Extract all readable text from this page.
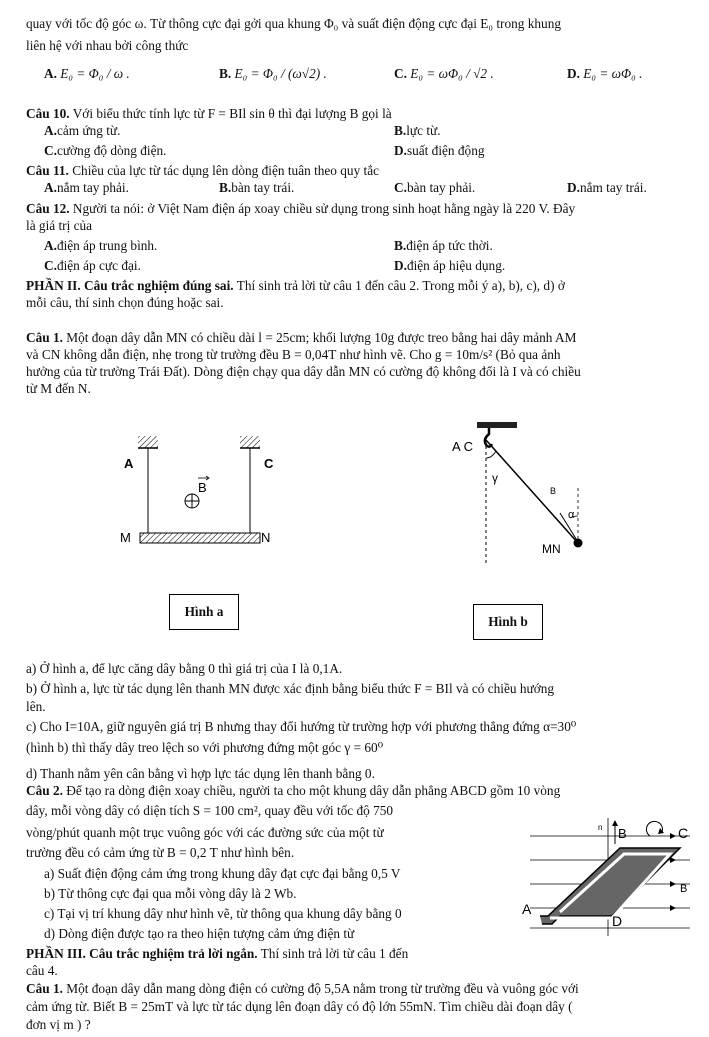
quay với tốc độ góc ω. Từ thông cực đại gởi qua khung Φ₀ và suất điện động cực đại E₀ trong khung
liên hệ với nhau bởi công thức
A. E₀ = Φ₀ / ω .	B. E₀ = Φ₀ / (ω√2) .	C. E₀ = ωΦ₀ / √2 .	D. E₀ = ωΦ₀ .
Câu 10. Với biểu thức tính lực từ F = BIl sin θ thì đại lượng B gọi là
A. cảm ứng từ.	B. lực từ.
C. cường độ dòng điện.	D. suất điện động
Câu 11. Chiều của lực từ tác dụng lên dòng điện tuân theo quy tắc
A. nắm tay phải.	B. bàn tay trái.	C. bàn tay phải.	D. nắm tay trái.
Câu 12. Người ta nói: ở Việt Nam điện áp xoay chiều sử dụng trong sinh hoạt hằng ngày là 220 V. Đây
là giá trị của
A. điện áp trung bình.	B. điện áp tức thời.
C. điện áp cực đại.	D. điện áp hiệu dụng.
PHẦN II. Câu trắc nghiệm đúng sai. Thí sinh trả lời từ câu 1 đến câu 2. Trong mỗi ý a), b), c), d) ở
mỗi câu, thí sinh chọn đúng hoặc sai.
Câu 1. Một đoạn dây dẫn MN có chiều dài l = 25cm; khối lượng 10g được treo bằng hai dây mảnh AM
và CN không dẫn điện, nhẹ trong từ trường đều B = 0,04T như hình vẽ. Cho g = 10m/s² (Bỏ qua ảnh
hưởng của từ trường Trái Đất). Dòng điện chạy qua dây dẫn MN có cường độ không đổi là I và có chiều
từ M đến N.
A	C
M	N
B
A C
γ
B
α
MN
Hình a
Hình b
a) Ở hình a, để lực căng dây bằng 0 thì giá trị của I là 0,1A.
b) Ở hình a, lực từ tác dụng lên thanh MN được xác định bằng biểu thức F = BIl và có chiều hướng
lên.
c) Cho I=10A, giữ nguyên giá trị B nhưng thay đổi hướng từ trường hợp với phương thẳng đứng α=30⁰
(hình b) thì thấy dây treo lệch so với phương đứng một góc γ = 60⁰
d) Thanh nằm yên cân bằng vì hợp lực tác dụng lên thanh bằng 0.
Câu 2. Để tạo ra dòng điện xoay chiều, người ta cho một khung dây dẫn phẳng ABCD gồm 10 vòng
dây, mỗi vòng dây có diện tích S = 100 cm², quay đều với tốc độ 750
vòng/phút quanh một trục vuông góc với các đường sức của một từ
trường đều có cảm ứng từ B = 0,2 T như hình bên.
a) Suất điện động cảm ứng trong khung dây đạt cực đại bằng 0,5 V
b) Từ thông cực đại qua mỗi vòng dây là 2 Wb.
c) Tại vị trí khung dây như hình vẽ, từ thông qua khung dây bằng 0
d) Dòng điện được tạo ra theo hiện tượng cảm ứng điện từ
n B	C
B
A
D
PHẦN III. Câu trắc nghiệm trả lời ngắn. Thí sinh trả lời từ câu 1 đến
câu 4.
Câu 1. Một đoạn dây dẫn mang dòng điện có cường độ 5,5A nằm trong từ trường đều và vuông góc với
cảm ứng từ. Biết B = 25mT và lực từ tác dụng lên đoạn dây có độ lớn 55mN. Tìm chiều dài đoạn dây (
đơn vị m ) ?
